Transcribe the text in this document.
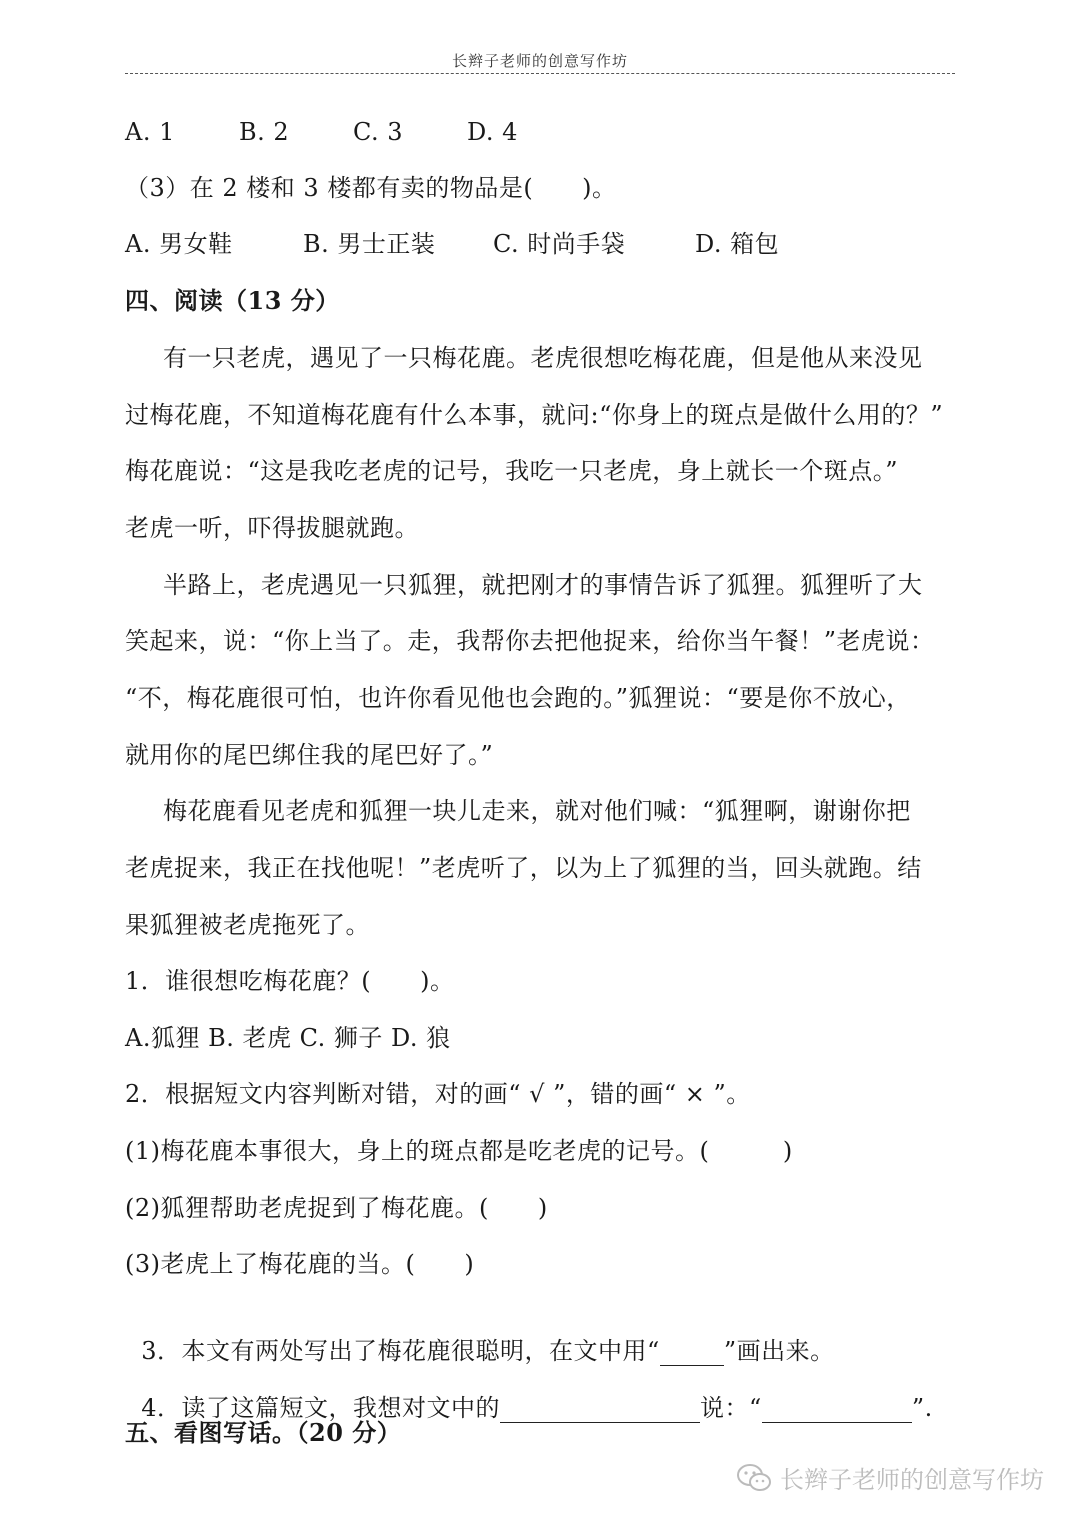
长辫子老师的创意写作坊
A. 1	B. 2	C. 3	D. 4
（3）在 2 楼和 3 楼都有卖的物品是(　　)。
A. 男女鞋	B. 男士正装	C. 时尚手袋	D. 箱包
四、阅读（13 分）
有一只老虎，遇见了一只梅花鹿。老虎很想吃梅花鹿，但是他从来没见
过梅花鹿，不知道梅花鹿有什么本事，就问:“你身上的斑点是做什么用的？”
梅花鹿说：“这是我吃老虎的记号，我吃一只老虎，身上就长一个斑点。”
老虎一听，吓得拔腿就跑。
半路上，老虎遇见一只狐狸，就把刚才的事情告诉了狐狸。狐狸听了大
笑起来，说：“你上当了。走，我帮你去把他捉来，给你当午餐！”老虎说：
“不，梅花鹿很可怕，也许你看见他也会跑的。”狐狸说：“要是你不放心，
就用你的尾巴绑住我的尾巴好了。”
梅花鹿看见老虎和狐狸一块儿走来，就对他们喊：“狐狸啊，谢谢你把
老虎捉来，我正在找他呢！”老虎听了，以为上了狐狸的当，回头就跑。结
果狐狸被老虎拖死了。
1．谁很想吃梅花鹿？(　　)。
A.狐狸 B. 老虎 C. 狮子 D. 狼
2．根据短文内容判断对错，对的画“ √ ”，错的画“ × ”。
(1)梅花鹿本事很大，身上的斑点都是吃老虎的记号。(　　　)
(2)狐狸帮助老虎捉到了梅花鹿。(　　)
(3)老虎上了梅花鹿的当。(　　)

3．本文有两处写出了梅花鹿很聪明，在文中用“	”画出来。

4．读了这篇短文，我想对文中的	说：“	”.

五、看图写话。（20 分）
长辫子老师的创意写作坊
